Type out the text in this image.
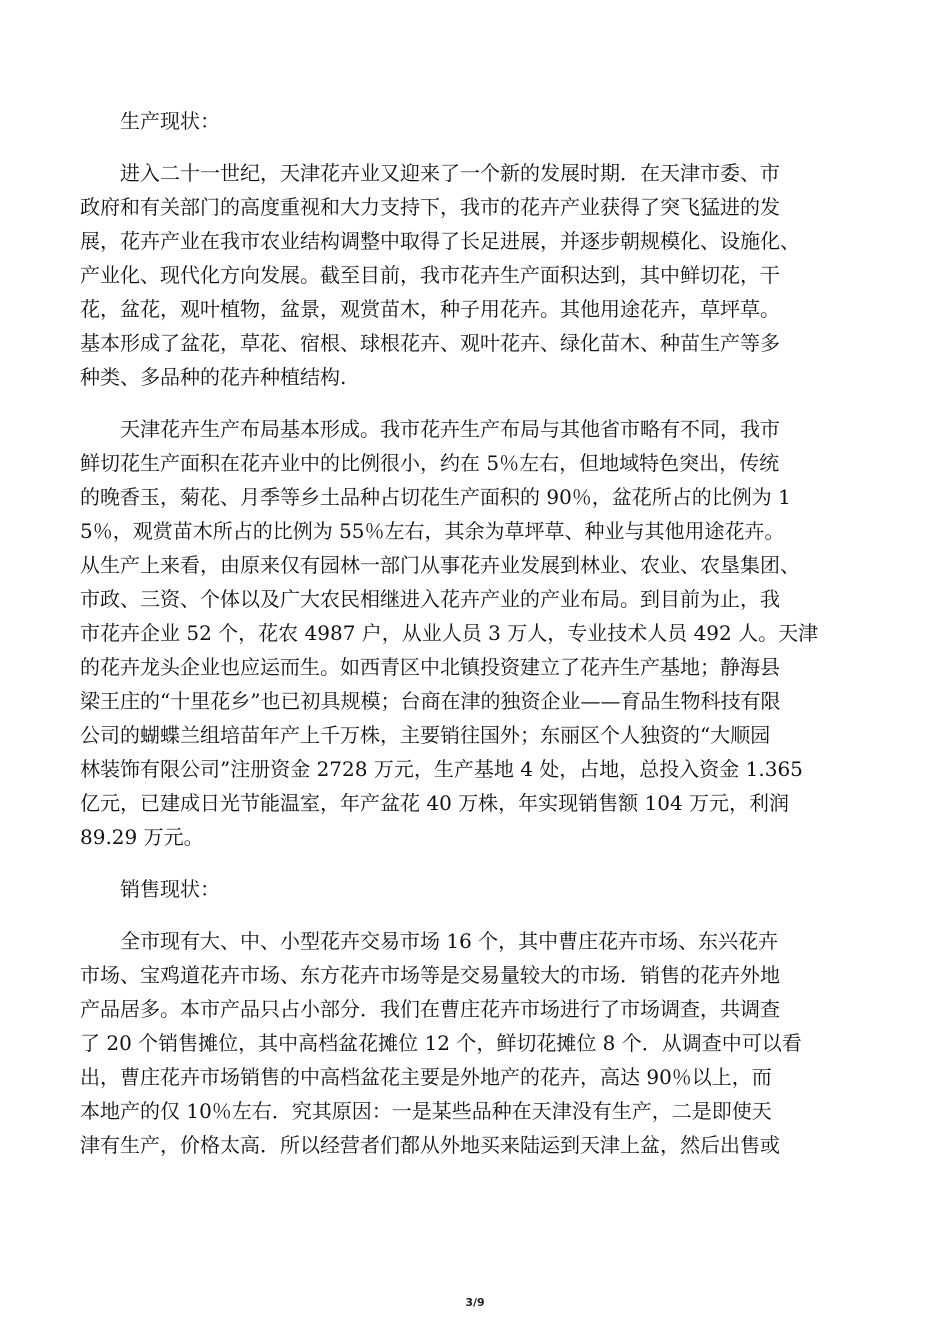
生产现状：
进入二十一世纪，天津花卉业又迎来了一个新的发展时期．在天津市委、市
政府和有关部门的高度重视和大力支持下，我市的花卉产业获得了突飞猛进的发
展，花卉产业在我市农业结构调整中取得了长足进展，并逐步朝规模化、设施化、
产业化、现代化方向发展。截至目前，我市花卉生产面积达到，其中鲜切花，干
花，盆花，观叶植物，盆景，观赏苗木，种子用花卉。其他用途花卉，草坪草。
基本形成了盆花，草花、宿根、球根花卉、观叶花卉、绿化苗木、种苗生产等多
种类、多品种的花卉种植结构.
天津花卉生产布局基本形成。我市花卉生产布局与其他省市略有不同，我市
鲜切花生产面积在花卉业中的比例很小，约在 5％左右，但地域特色突出，传统
的晚香玉，菊花、月季等乡土品种占切花生产面积的 90％，盆花所占的比例为 1
5％，观赏苗木所占的比例为 55％左右，其余为草坪草、种业与其他用途花卉。
从生产上来看，由原来仅有园林一部门从事花卉业发展到林业、农业、农垦集团、
市政、三资、个体以及广大农民相继进入花卉产业的产业布局。到目前为止，我
市花卉企业 52 个，花农 4987 户，从业人员 3 万人，专业技术人员 492 人。天津
的花卉龙头企业也应运而生。如西青区中北镇投资建立了花卉生产基地；静海县
梁王庄的“十里花乡”也已初具规模；台商在津的独资企业——育品生物科技有限
公司的蝴蝶兰组培苗年产上千万株，主要销往国外；东丽区个人独资的“大顺园
林装饰有限公司”注册资金 2728 万元，生产基地 4 处，占地，总投入资金 1.365
亿元，已建成日光节能温室，年产盆花 40 万株，年实现销售额 104 万元，利润
89.29 万元。
销售现状：
全市现有大、中、小型花卉交易市场 16 个，其中曹庄花卉市场、东兴花卉
市场、宝鸡道花卉市场、东方花卉市场等是交易量较大的市场．销售的花卉外地
产品居多。本市产品只占小部分．我们在曹庄花卉市场进行了市场调查，共调查
了 20 个销售摊位，其中高档盆花摊位 12 个，鲜切花摊位 8 个．从调查中可以看
出，曹庄花卉市场销售的中高档盆花主要是外地产的花卉，高达 90％以上，而
本地产的仅 10％左右．究其原因：一是某些品种在天津没有生产，二是即使天
津有生产，价格太高．所以经营者们都从外地买来陆运到天津上盆，然后出售或
3/9
